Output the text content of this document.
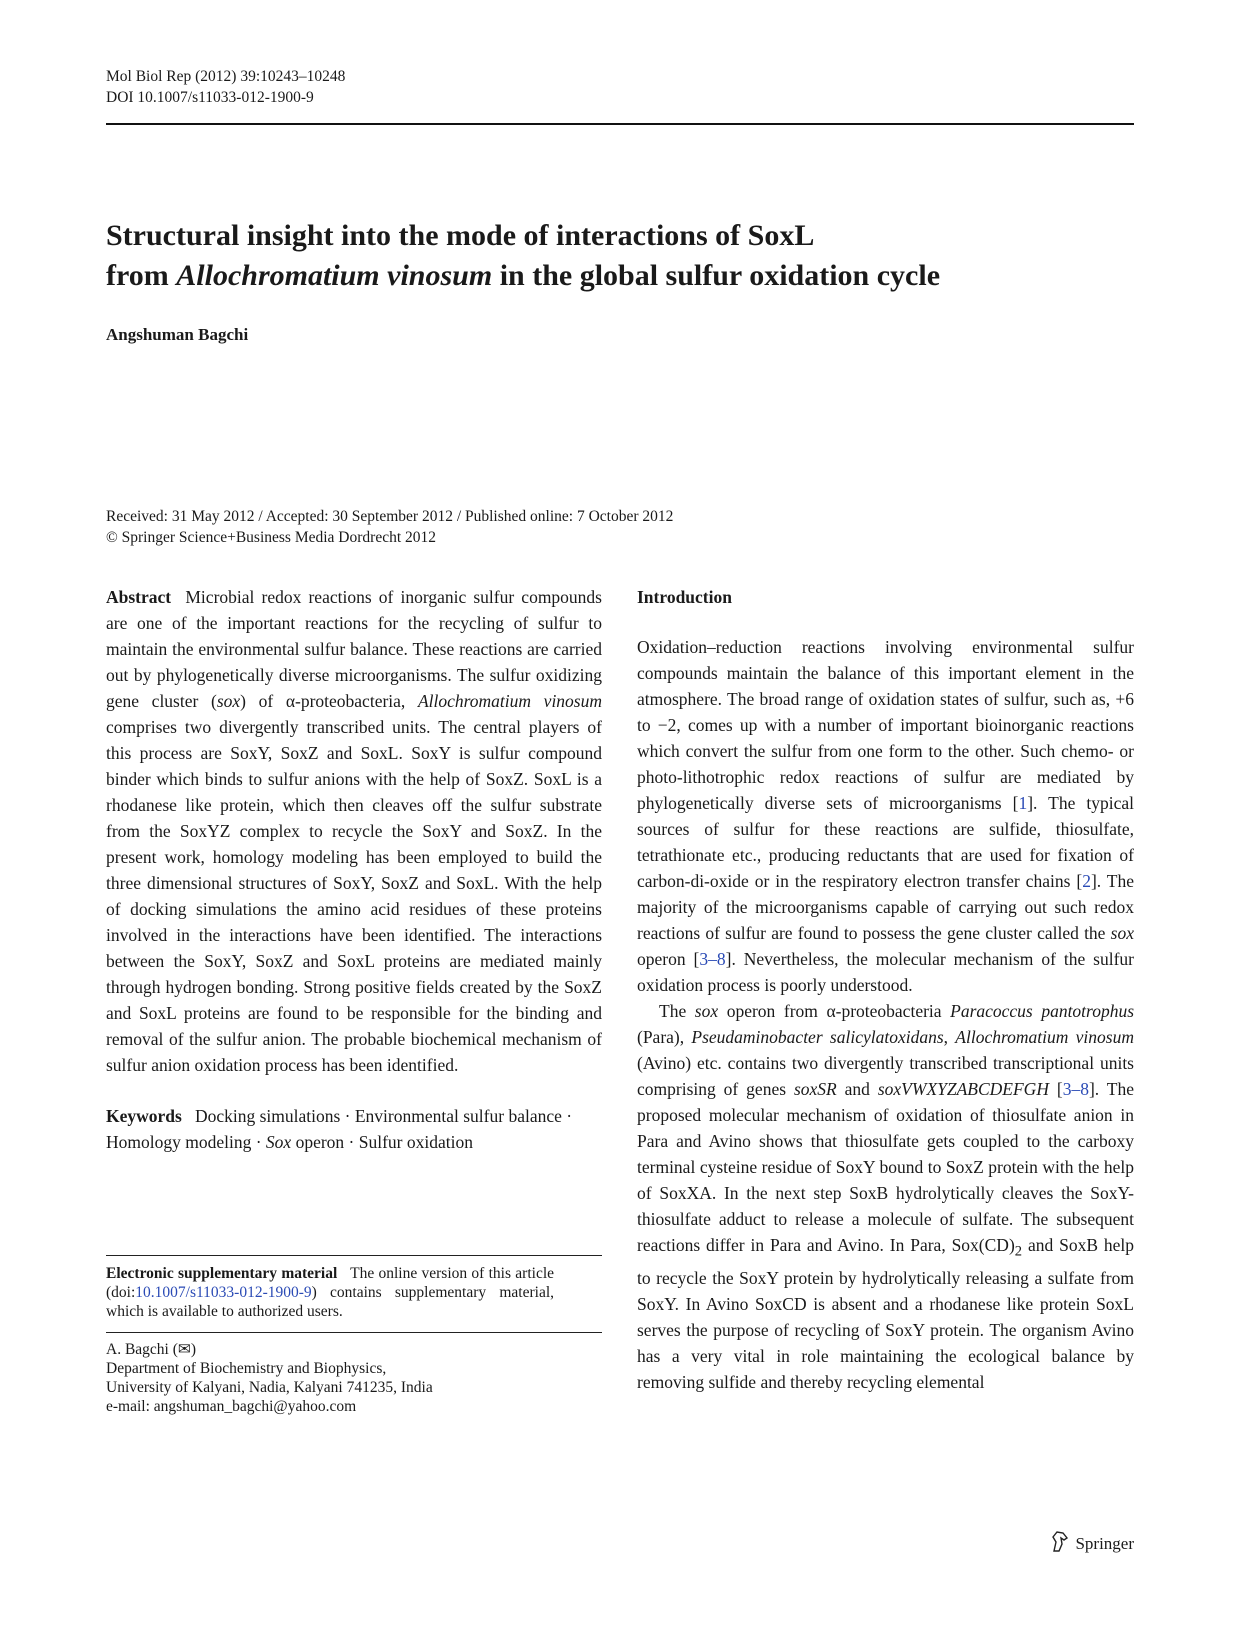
Mol Biol Rep (2012) 39:10243–10248
DOI 10.1007/s11033-012-1900-9
Structural insight into the mode of interactions of SoxL
from Allochromatium vinosum in the global sulfur oxidation cycle
Angshuman Bagchi
Received: 31 May 2012 / Accepted: 30 September 2012 / Published online: 7 October 2012
© Springer Science+Business Media Dordrecht 2012

Abstract Microbial redox reactions of inorganic sulfur compounds are one of the important reactions for the recycling of sulfur to maintain the environmental sulfur balance. These reactions are carried out by phylogenetically diverse microorganisms. The sulfur oxidizing gene cluster (sox) of α-proteobacteria, Allochromatium vinosum comprises two divergently transcribed units. The central players of this process are SoxY, SoxZ and SoxL. SoxY is sulfur compound binder which binds to sulfur anions with the help of SoxZ. SoxL is a rhodanese like protein, which then cleaves off the sulfur substrate from the SoxYZ complex to recycle the SoxY and SoxZ. In the present work, homology modeling has been employed to build the three dimensional structures of SoxY, SoxZ and SoxL. With the help of docking simulations the amino acid residues of these proteins involved in the interactions have been identified. The interactions between the SoxY, SoxZ and SoxL proteins are mediated mainly through hydrogen bonding. Strong positive fields created by the SoxZ and SoxL proteins are found to be responsible for the binding and removal of the sulfur anion. The probable biochemical mechanism of sulfur anion oxidation process has been identified.

Keywords Docking simulations · Environmental sulfur balance · Homology modeling · Sox operon · Sulfur oxidation

Electronic supplementary material The online version of this article (doi:10.1007/s11033-012-1900-9) contains supplementary material, which is available to authorized users.
A. Bagchi (✉)
Department of Biochemistry and Biophysics,
University of Kalyani, Nadia, Kalyani 741235, India
e-mail: angshuman_bagchi@yahoo.com
Introduction

Oxidation–reduction reactions involving environmental sulfur compounds maintain the balance of this important element in the atmosphere. The broad range of oxidation states of sulfur, such as, +6 to −2, comes up with a number of important bioinorganic reactions which convert the sulfur from one form to the other. Such chemo- or photo-lithotrophic redox reactions of sulfur are mediated by phylogenetically diverse sets of microorganisms [1]. The typical sources of sulfur for these reactions are sulfide, thiosulfate, tetrathionate etc., producing reductants that are used for fixation of carbon-di-oxide or in the respiratory electron transfer chains [2]. The majority of the microorganisms capable of carrying out such redox reactions of sulfur are found to possess the gene cluster called the sox operon [3–8]. Nevertheless, the molecular mechanism of the sulfur oxidation process is poorly understood.

The sox operon from α-proteobacteria Paracoccus pantotrophus (Para), Pseudaminobacter salicylatoxidans, Allochromatium vinosum (Avino) etc. contains two divergently transcribed transcriptional units comprising of genes soxSR and soxVWXYZABCDEFGH [3–8]. The proposed molecular mechanism of oxidation of thiosulfate anion in Para and Avino shows that thiosulfate gets coupled to the carboxy terminal cysteine residue of SoxY bound to SoxZ protein with the help of SoxXA. In the next step SoxB hydrolytically cleaves the SoxY-thiosulfate adduct to release a molecule of sulfate. The subsequent reactions differ in Para and Avino. In Para, $Sox(CD)_2$ and SoxB help to recycle the SoxY protein by hydrolytically releasing a sulfate from SoxY. In Avino SoxCD is absent and a rhodanese like protein SoxL serves the purpose of recycling of SoxY protein. The organism Avino has a very vital in role maintaining the ecological balance by removing sulfide and thereby recycling elemental

Springer
